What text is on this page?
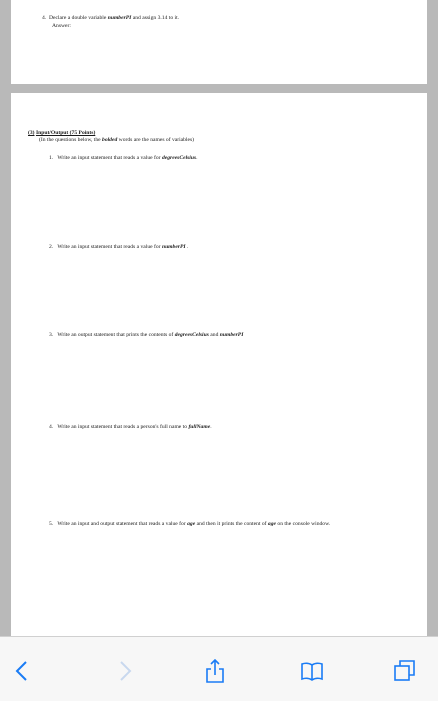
4. Declare a double variable numberPI and assign 3.14 to it.
Answer:
(3) Input/Output (75 Points)
(In the questions below, the bolded words are the names of variables)
1. Write an input statement that reads a value for degreesCelsius.
2. Write an input statement that reads a value for numberPI .
3. Write an output statement that prints the contents of degreesCelsius and numberPI
4. Write an input statement that reads a person's full name to fullName.
5. Write an input and output statement that reads a value for age and then it prints the content of age on the console window.
